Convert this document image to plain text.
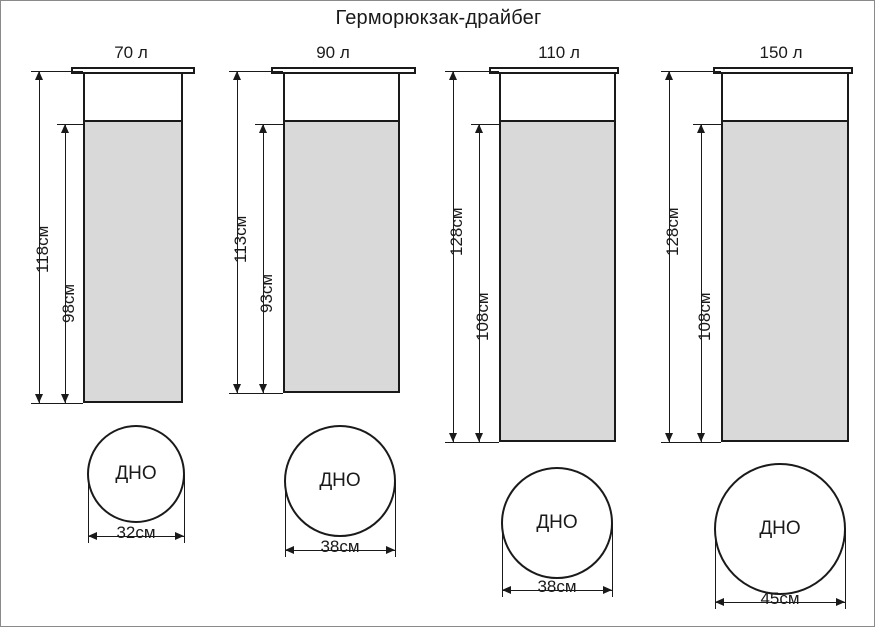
Герморюкзак-драйбег
70 л
118см
98см
ДНО
32см
90 л
113см
93см
ДНО
38см
110 л
128см
108см
ДНО
38см
150 л
128см
108см
ДНО
45см
